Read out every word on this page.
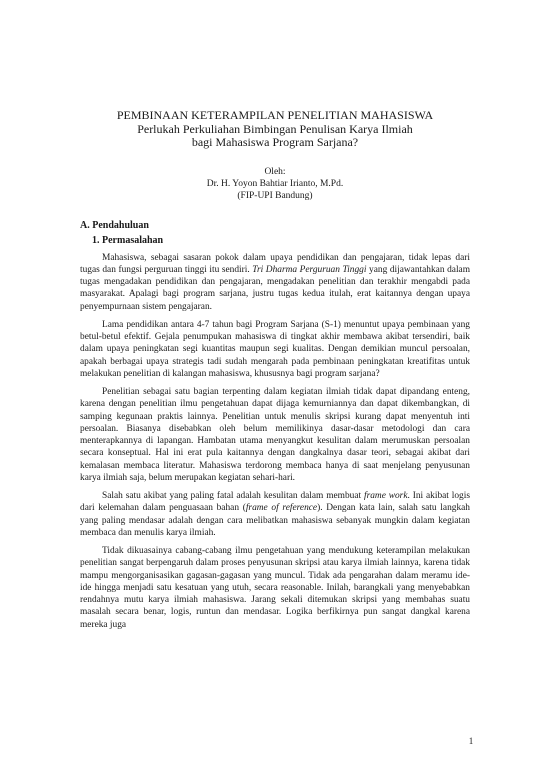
PEMBINAAN KETERAMPILAN PENELITIAN MAHASISWA
Perlukah Perkuliahan Bimbingan Penulisan Karya Ilmiah
bagi Mahasiswa Program Sarjana?
Oleh:
Dr. H. Yoyon Bahtiar Irianto, M.Pd.
(FIP-UPI Bandung)
A. Pendahuluan
1. Permasalahan

Mahasiswa, sebagai sasaran pokok dalam upaya pendidikan dan pengajaran, tidak lepas dari tugas dan fungsi perguruan tinggi itu sendiri. Tri Dharma Perguruan Tinggi yang dijawantahkan dalam tugas mengadakan pendidikan dan pengajaran, mengadakan penelitian dan terakhir mengabdi pada masyarakat. Apalagi bagi program sarjana, justru tugas kedua itulah, erat kaitannya dengan upaya penyempurnaan sistem pengajaran.

Lama pendidikan antara 4-7 tahun bagi Program Sarjana (S-1) menuntut upaya pembinaan yang betul-betul efektif. Gejala penumpukan mahasiswa di tingkat akhir membawa akibat tersendiri, baik dalam upaya peningkatan segi kuantitas maupun segi kualitas. Dengan demikian muncul persoalan, apakah berbagai upaya strategis tadi sudah mengarah pada pembinaan peningkatan kreatifitas untuk melakukan penelitian di kalangan mahasiswa, khususnya bagi program sarjana?

Penelitian sebagai satu bagian terpenting dalam kegiatan ilmiah tidak dapat dipandang enteng, karena dengan penelitian ilmu pengetahuan dapat dijaga kemurniannya dan dapat dikembangkan, di samping kegunaan praktis lainnya. Penelitian untuk menulis skripsi kurang dapat menyentuh inti persoalan. Biasanya disebabkan oleh belum memilikinya dasar-dasar metodologi dan cara menterapkannya di lapangan. Hambatan utama menyangkut kesulitan dalam merumuskan persoalan secara konseptual. Hal ini erat pula kaitannya dengan dangkalnya dasar teori, sebagai akibat dari kemalasan membaca literatur. Mahasiswa terdorong membaca hanya di saat menjelang penyusunan karya ilmiah saja, belum merupakan kegiatan sehari-hari.

Salah satu akibat yang paling fatal adalah kesulitan dalam membuat frame work. Ini akibat logis dari kelemahan dalam penguasaan bahan (frame of reference). Dengan kata lain, salah satu langkah yang paling mendasar adalah dengan cara melibatkan mahasiswa sebanyak mungkin dalam kegiatan membaca dan menulis karya ilmiah.

Tidak dikuasainya cabang-cabang ilmu pengetahuan yang mendukung keterampilan melakukan penelitian sangat berpengaruh dalam proses penyusunan skripsi atau karya ilmiah lainnya, karena tidak mampu mengorganisasikan gagasan-gagasan yang muncul. Tidak ada pengarahan dalam meramu ide-ide hingga menjadi satu kesatuan yang utuh, secara reasonable. Inilah, barangkali yang menyebabkan rendahnya mutu karya ilmiah mahasiswa. Jarang sekali ditemukan skripsi yang membahas suatu masalah secara benar, logis, runtun dan mendasar. Logika berfikirnya pun sangat dangkal karena mereka juga

1
